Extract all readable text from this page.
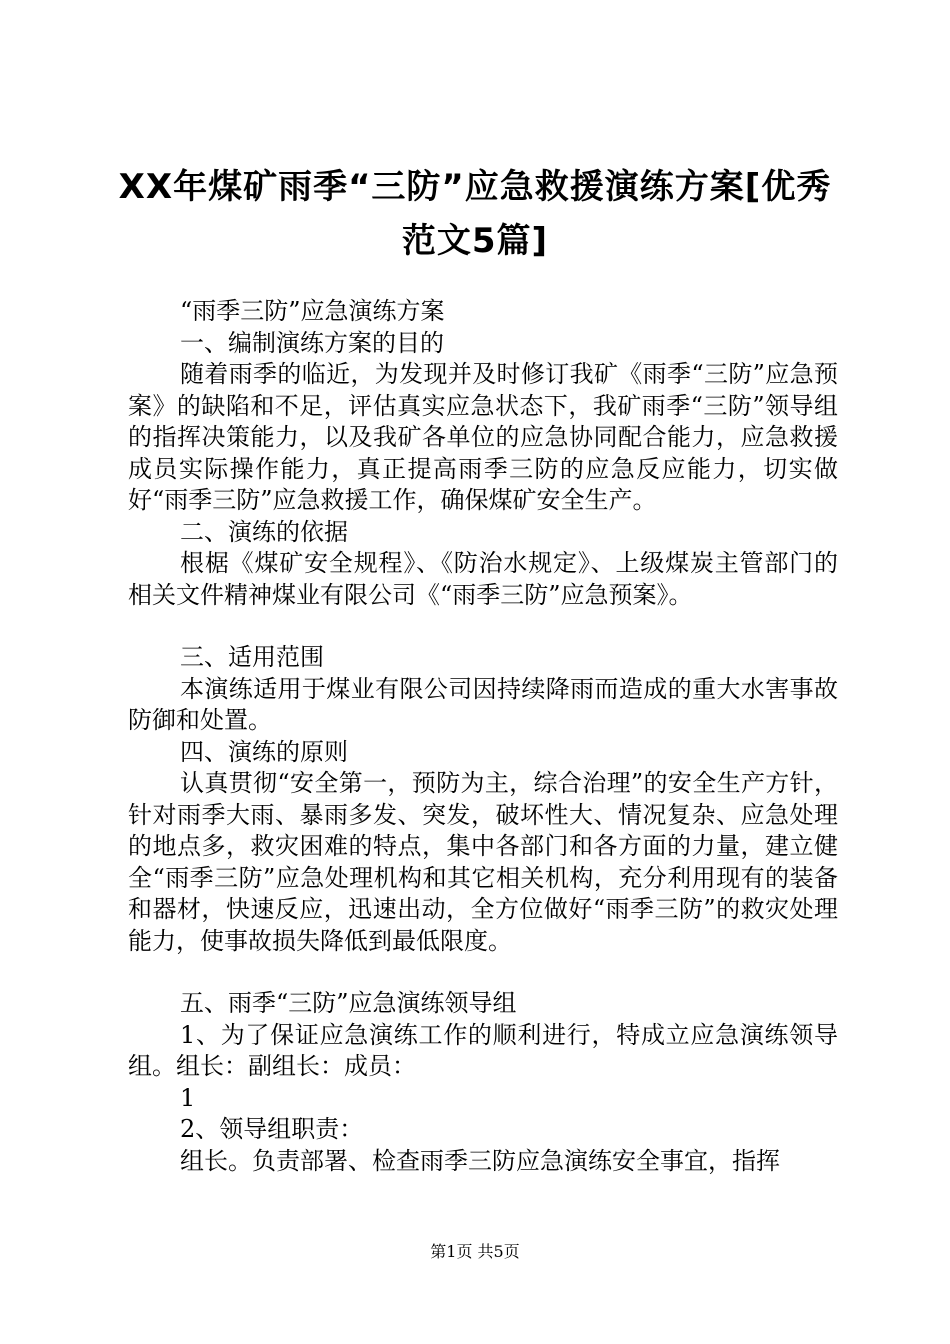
XX年煤矿雨季“三防”应急救援演练方案[优秀范文5篇]

“雨季三防”应急演练方案

一、编制演练方案的目的

随着雨季的临近，为发现并及时修订我矿《雨季“三防”应急预案》的缺陷和不足，评估真实应急状态下，我矿雨季“三防”领导组的指挥决策能力，以及我矿各单位的应急协同配合能力，应急救援成员实际操作能力，真正提高雨季三防的应急反应能力，切实做好“雨季三防”应急救援工作，确保煤矿安全生产。

二、演练的依据

根椐《煤矿安全规程》、《防治水规定》、上级煤炭主管部门的相关文件精神煤业有限公司《“雨季三防”应急预案》。

三、适用范围

本演练适用于煤业有限公司因持续降雨而造成的重大水害事故防御和处置。

四、演练的原则

认真贯彻“安全第一，预防为主，综合治理”的安全生产方针，针对雨季大雨、暴雨多发、突发，破坏性大、情况复杂、应急处理的地点多，救灾困难的特点，集中各部门和各方面的力量，建立健全“雨季三防”应急处理机构和其它相关机构，充分利用现有的装备和器材，快速反应，迅速出动，全方位做好“雨季三防”的救灾处理能力，使事故损失降低到最低限度。

五、雨季“三防”应急演练领导组

1、为了保证应急演练工作的顺利进行，特成立应急演练领导组。组长：副组长：成员：

1

2、领导组职责：

组长。负责部署、检查雨季三防应急演练安全事宜，指挥

第1页 共5页
